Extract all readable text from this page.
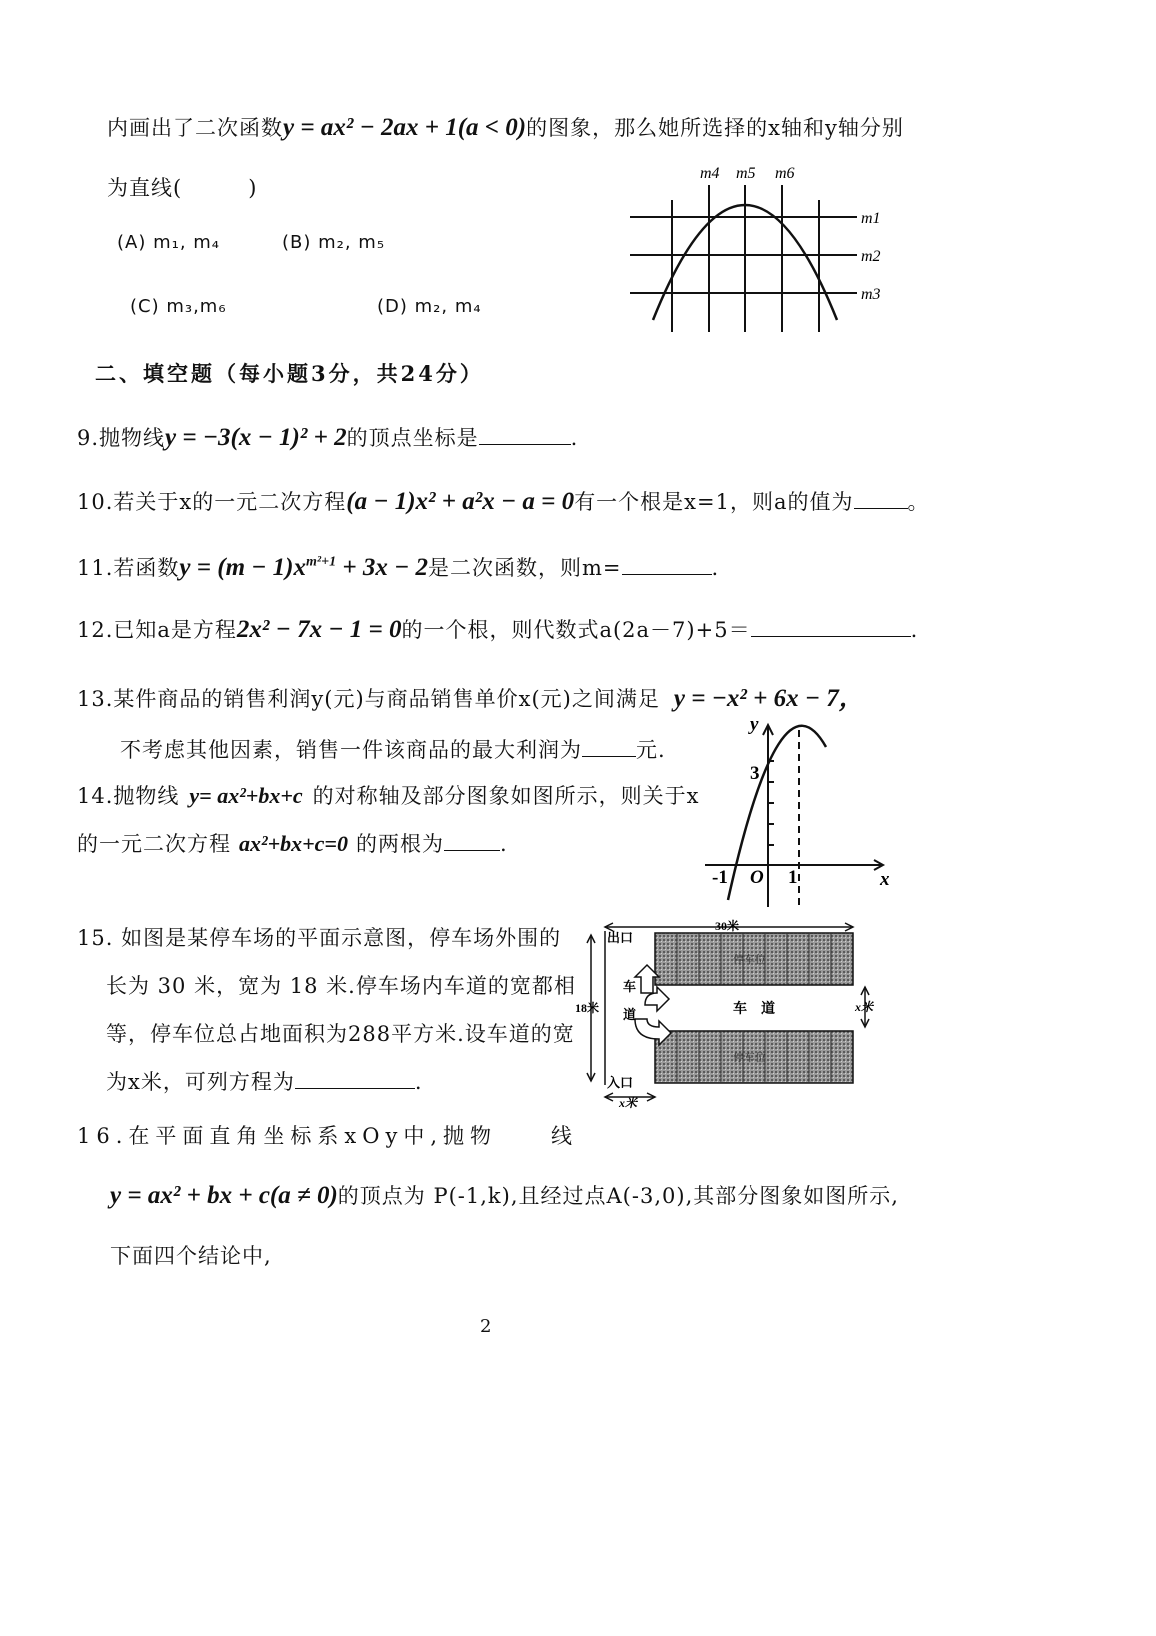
内画出了二次函数y = ax² − 2ax + 1(a < 0)的图象，那么她所选择的x轴和y轴分别
为直线(　　　)
(A) m₁, m₄	(B) m₂, m₅
(C) m₃,m₆	(D) m₂, m₄
m4 m5 m6
m1
m2
m3
二、填空题（每小题3分，共24分）
9.抛物线y = −3(x − 1)² + 2的顶点坐标是	.
10.若关于x的一元二次方程(a − 1)x² + a²x − a = 0有一个根是x=1，则a的值为	。
11.若函数$y = (m - 1)x^{m^2+1} + 3x - 2$是二次函数，则m=	.
12.已知a是方程2x² − 7x − 1 = 0的一个根，则代数式a(2a－7)+5＝	.
13.某件商品的销售利润y(元)与商品销售单价x(元)之间满足 y = −x² + 6x − 7，
不考虑其他因素，销售一件该商品的最大利润为	元.
14.抛物线 y= ax²+bx+c 的对称轴及部分图象如图所示，则关于x
的一元二次方程 ax²+bx+c=0 的两根为	.
y
x
3
-1 O 1
15. 如图是某停车场的平面示意图，停车场外围的
长为 30 米，宽为 18 米.停车场内车道的宽都相
等，停车位总占地面积为288平方米.设车道的宽
为x米，可列方程为	.
出口
入口
30米
18米
车
道	车　道	x米
x米
停车位
停车位
16.在平面直角坐标系xOy中,抛物　　线
y = ax² + bx + c(a ≠ 0)的顶点为 P(-1,k),且经过点A(-3,0),其部分图象如图所示,
下面四个结论中,
2
